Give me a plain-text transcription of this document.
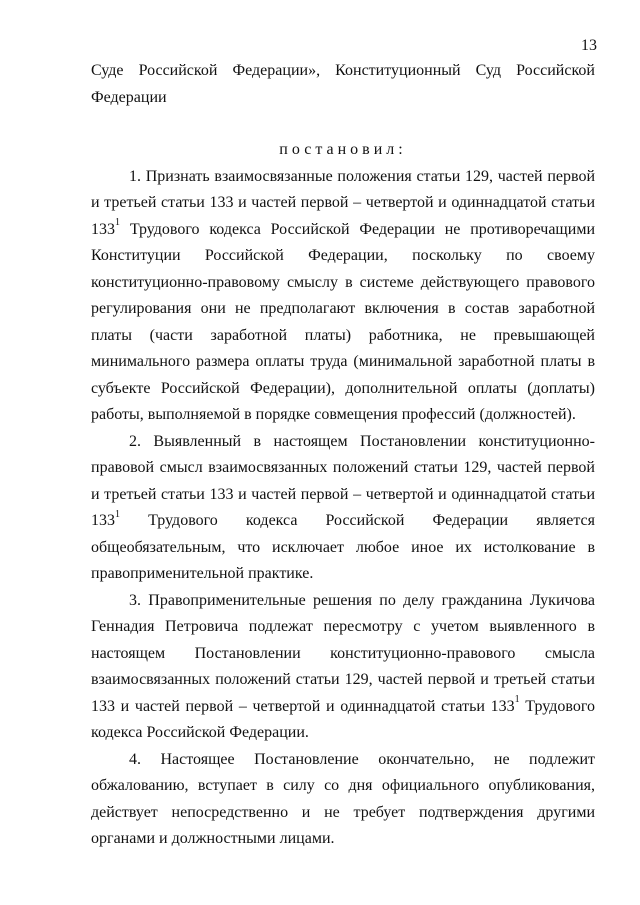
13

Суде Российской Федерации», Конституционный Суд Российской Федерации

постановил:

1. Признать взаимосвязанные положения статьи 129, частей первой и третьей статьи 133 и частей первой – четвертой и одиннадцатой статьи $133^1$ Трудового кодекса Российской Федерации не противоречащими Конституции Российской Федерации, поскольку по своему конституционно-правовому смыслу в системе действующего правового регулирования они не предполагают включения в состав заработной платы (части заработной платы) работника, не превышающей минимального размера оплаты труда (минимальной заработной платы в субъекте Российской Федерации), дополнительной оплаты (доплаты) работы, выполняемой в порядке совмещения профессий (должностей).

2. Выявленный в настоящем Постановлении конституционно-правовой смысл взаимосвязанных положений статьи 129, частей первой и третьей статьи 133 и частей первой – четвертой и одиннадцатой статьи $133^1$ Трудового кодекса Российской Федерации является общеобязательным, что исключает любое иное их истолкование в правоприменительной практике.

3. Правоприменительные решения по делу гражданина Лукичова Геннадия Петровича подлежат пересмотру с учетом выявленного в настоящем Постановлении конституционно-правового смысла взаимосвязанных положений статьи 129, частей первой и третьей статьи 133 и частей первой – четвертой и одиннадцатой статьи $133^1$ Трудового кодекса Российской Федерации.

4. Настоящее Постановление окончательно, не подлежит обжалованию, вступает в силу со дня официального опубликования, действует непосредственно и не требует подтверждения другими органами и должностными лицами.
